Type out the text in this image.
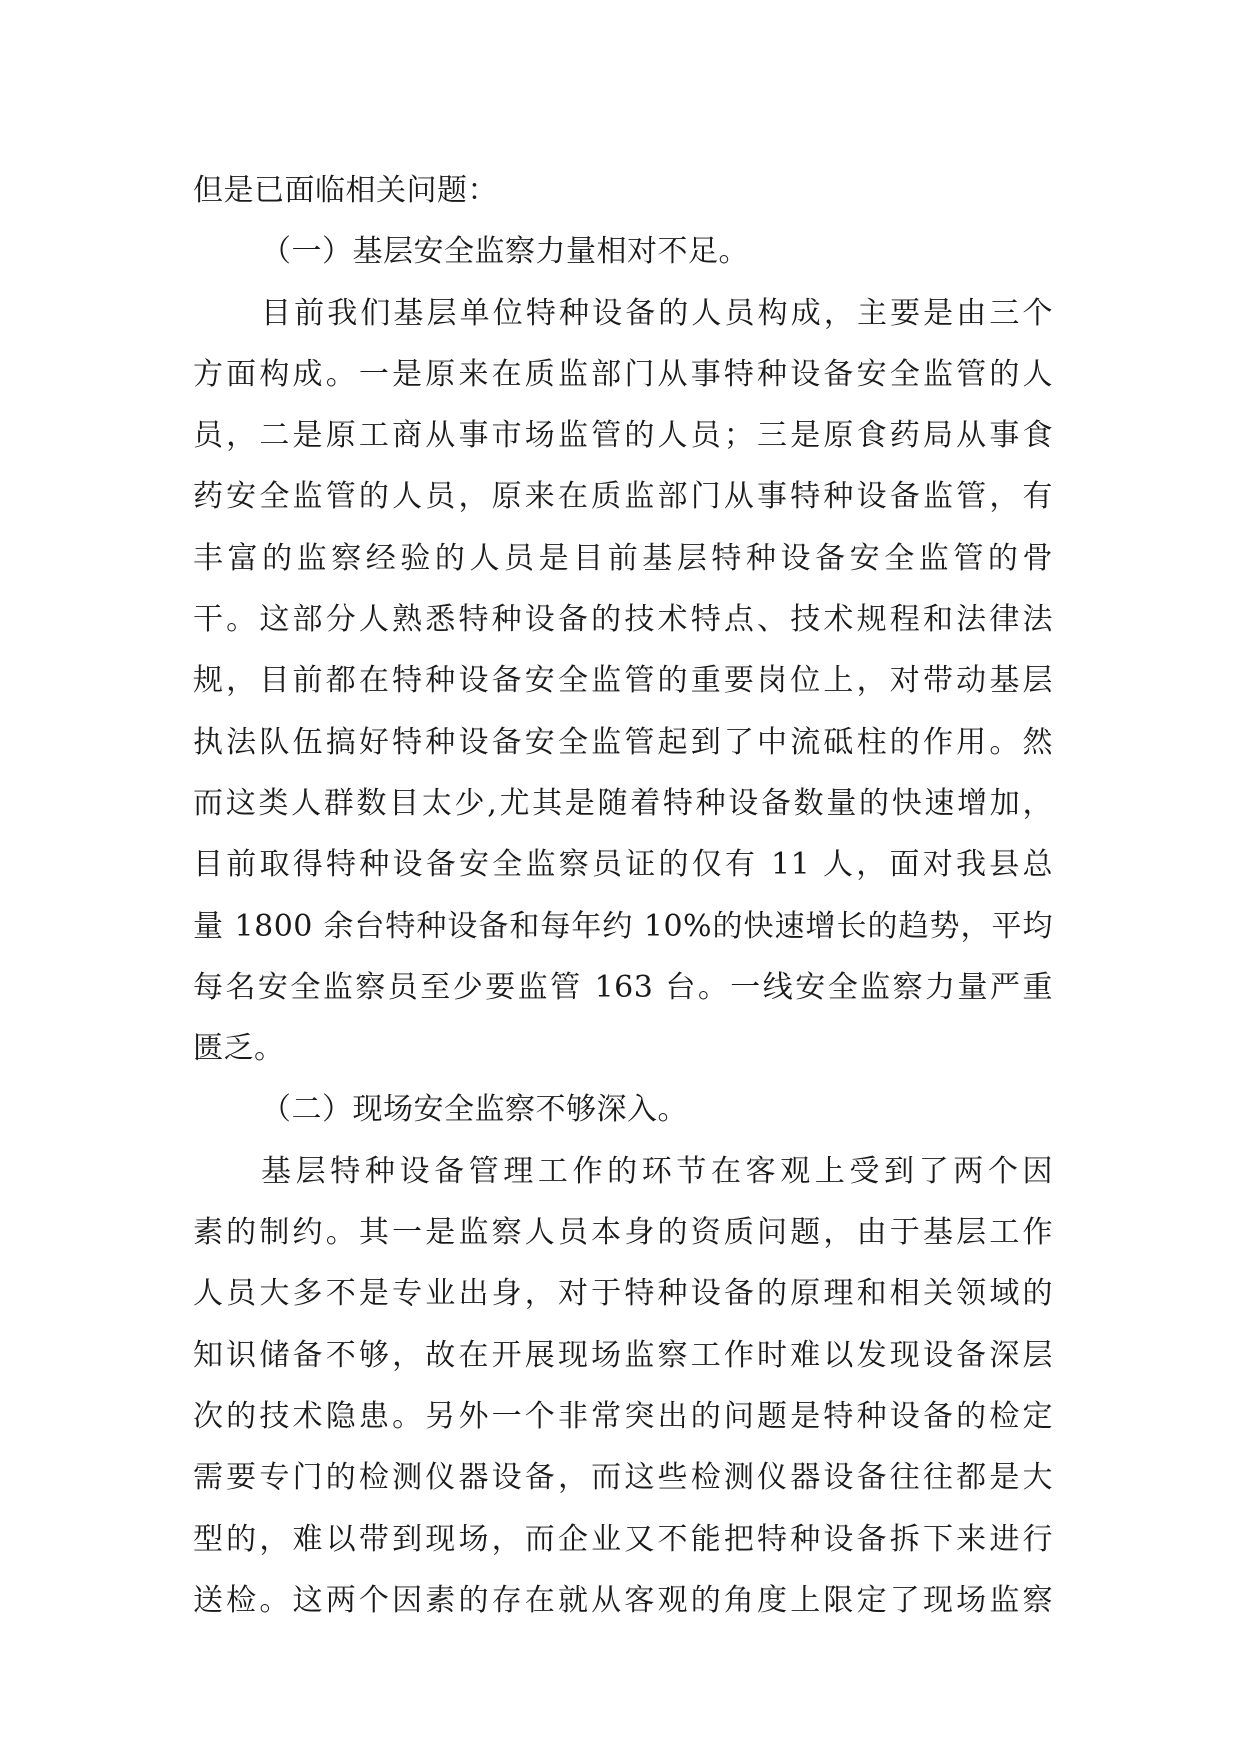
但是已面临相关问题：
（一）基层安全监察力量相对不足。
目前我们基层单位特种设备的人员构成，主要是由三个
方面构成。一是原来在质监部门从事特种设备安全监管的人
员，二是原工商从事市场监管的人员；三是原食药局从事食
药安全监管的人员，原来在质监部门从事特种设备监管，有
丰富的监察经验的人员是目前基层特种设备安全监管的骨
干。这部分人熟悉特种设备的技术特点、技术规程和法律法
规，目前都在特种设备安全监管的重要岗位上，对带动基层
执法队伍搞好特种设备安全监管起到了中流砥柱的作用。然
而这类人群数目太少,尤其是随着特种设备数量的快速增加，
目前取得特种设备安全监察员证的仅有 11 人，面对我县总
量 1800 余台特种设备和每年约 10%的快速增长的趋势，平均
每名安全监察员至少要监管 163 台。一线安全监察力量严重
匮乏。
（二）现场安全监察不够深入。
基层特种设备管理工作的环节在客观上受到了两个因
素的制约。其一是监察人员本身的资质问题，由于基层工作
人员大多不是专业出身，对于特种设备的原理和相关领域的
知识储备不够，故在开展现场监察工作时难以发现设备深层
次的技术隐患。另外一个非常突出的问题是特种设备的检定
需要专门的检测仪器设备，而这些检测仪器设备往往都是大
型的，难以带到现场，而企业又不能把特种设备拆下来进行
送检。这两个因素的存在就从客观的角度上限定了现场监察
